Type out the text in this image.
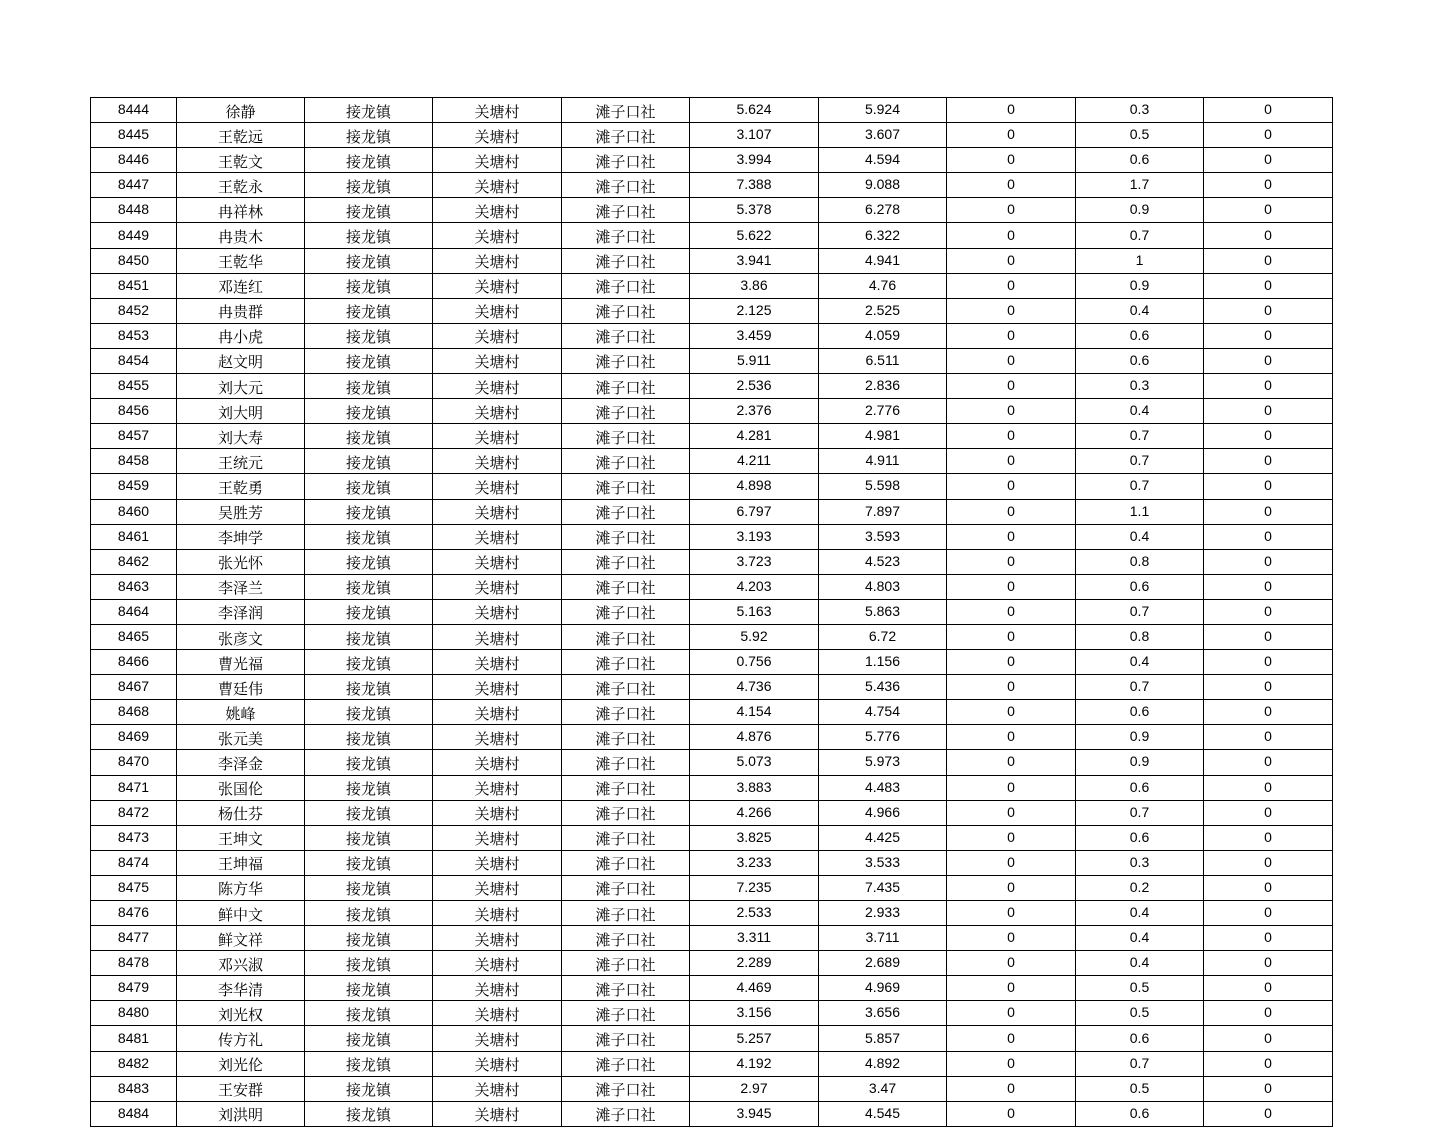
8444	徐静	接龙镇	关塘村	滩子口社	5.624	5.924	0	0.3	0
8445	王乾远	接龙镇	关塘村	滩子口社	3.107	3.607	0	0.5	0
8446	王乾文	接龙镇	关塘村	滩子口社	3.994	4.594	0	0.6	0
8447	王乾永	接龙镇	关塘村	滩子口社	7.388	9.088	0	1.7	0
8448	冉祥林	接龙镇	关塘村	滩子口社	5.378	6.278	0	0.9	0
8449	冉贵木	接龙镇	关塘村	滩子口社	5.622	6.322	0	0.7	0
8450	王乾华	接龙镇	关塘村	滩子口社	3.941	4.941	0	1	0
8451	邓连红	接龙镇	关塘村	滩子口社	3.86	4.76	0	0.9	0
8452	冉贵群	接龙镇	关塘村	滩子口社	2.125	2.525	0	0.4	0
8453	冉小虎	接龙镇	关塘村	滩子口社	3.459	4.059	0	0.6	0
8454	赵文明	接龙镇	关塘村	滩子口社	5.911	6.511	0	0.6	0
8455	刘大元	接龙镇	关塘村	滩子口社	2.536	2.836	0	0.3	0
8456	刘大明	接龙镇	关塘村	滩子口社	2.376	2.776	0	0.4	0
8457	刘大寿	接龙镇	关塘村	滩子口社	4.281	4.981	0	0.7	0
8458	王统元	接龙镇	关塘村	滩子口社	4.211	4.911	0	0.7	0
8459	王乾勇	接龙镇	关塘村	滩子口社	4.898	5.598	0	0.7	0
8460	吴胜芳	接龙镇	关塘村	滩子口社	6.797	7.897	0	1.1	0
8461	李坤学	接龙镇	关塘村	滩子口社	3.193	3.593	0	0.4	0
8462	张光怀	接龙镇	关塘村	滩子口社	3.723	4.523	0	0.8	0
8463	李泽兰	接龙镇	关塘村	滩子口社	4.203	4.803	0	0.6	0
8464	李泽润	接龙镇	关塘村	滩子口社	5.163	5.863	0	0.7	0
8465	张彦文	接龙镇	关塘村	滩子口社	5.92	6.72	0	0.8	0
8466	曹光福	接龙镇	关塘村	滩子口社	0.756	1.156	0	0.4	0
8467	曹廷伟	接龙镇	关塘村	滩子口社	4.736	5.436	0	0.7	0
8468	姚峰	接龙镇	关塘村	滩子口社	4.154	4.754	0	0.6	0
8469	张元美	接龙镇	关塘村	滩子口社	4.876	5.776	0	0.9	0
8470	李泽金	接龙镇	关塘村	滩子口社	5.073	5.973	0	0.9	0
8471	张国伦	接龙镇	关塘村	滩子口社	3.883	4.483	0	0.6	0
8472	杨仕芬	接龙镇	关塘村	滩子口社	4.266	4.966	0	0.7	0
8473	王坤文	接龙镇	关塘村	滩子口社	3.825	4.425	0	0.6	0
8474	王坤福	接龙镇	关塘村	滩子口社	3.233	3.533	0	0.3	0
8475	陈方华	接龙镇	关塘村	滩子口社	7.235	7.435	0	0.2	0
8476	鲜中文	接龙镇	关塘村	滩子口社	2.533	2.933	0	0.4	0
8477	鲜文祥	接龙镇	关塘村	滩子口社	3.311	3.711	0	0.4	0
8478	邓兴淑	接龙镇	关塘村	滩子口社	2.289	2.689	0	0.4	0
8479	李华清	接龙镇	关塘村	滩子口社	4.469	4.969	0	0.5	0
8480	刘光权	接龙镇	关塘村	滩子口社	3.156	3.656	0	0.5	0
8481	传方礼	接龙镇	关塘村	滩子口社	5.257	5.857	0	0.6	0
8482	刘光伦	接龙镇	关塘村	滩子口社	4.192	4.892	0	0.7	0
8483	王安群	接龙镇	关塘村	滩子口社	2.97	3.47	0	0.5	0
8484	刘洪明	接龙镇	关塘村	滩子口社	3.945	4.545	0	0.6	0
